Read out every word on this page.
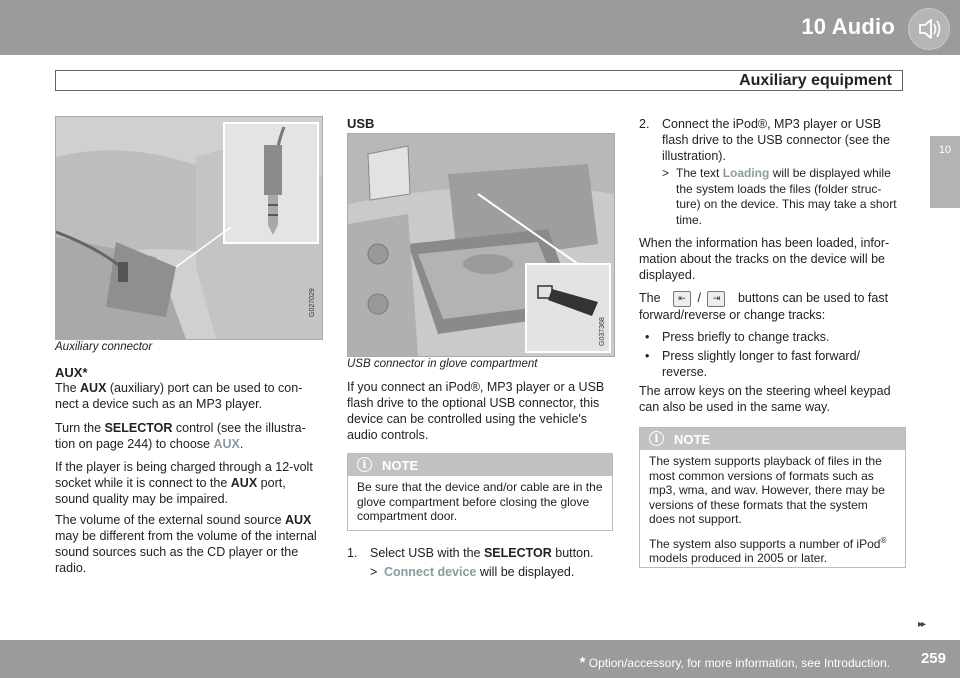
10 Audio
Auxiliary equipment
10
G027029
Auxiliary connector
AUX*
The AUX (auxiliary) port can be used to con-nect a device such as an MP3 player.
Turn the SELECTOR control (see the illustra-tion on page 244) to choose AUX.
If the player is being charged through a 12-volt socket while it is connect to the AUX port, sound quality may be impaired.
The volume of the external sound source AUX may be different from the volume of the internal sound sources such as the CD player or the radio.
USB
G037368
USB connector in glove compartment
If you connect an iPod®, MP3 player or a USB flash drive to the optional USB connector, this device can be controlled using the vehicle's audio controls.
i	NOTE
Be sure that the device and/or cable are in the glove compartment before closing the glove compartment door.
1. Select USB with the SELECTOR button.
> Connect device will be displayed.
2. Connect the iPod®, MP3 player or USB flash drive to the USB connector (see the illustration).
> The text Loading will be displayed while the system loads the files (folder struc-ture) on the device. This may take a short time.
When the information has been loaded, infor-mation about the tracks on the device will be displayed.
The ⇤ / ⇥ buttons can be used to fast
forward/reverse or change tracks:
• Press briefly to change tracks.
• Press slightly longer to fast forward/ reverse.
The arrow keys on the steering wheel keypad can also be used in the same way.
i	NOTE
The system supports playback of files in the most common versions of formats such as mp3, wma, and wav. However, there may be versions of these formats that the system does not support.
The system also supports a number of iPod® models produced in 2005 or later.
▸▸
* Option/accessory, for more information, see Introduction. 259
